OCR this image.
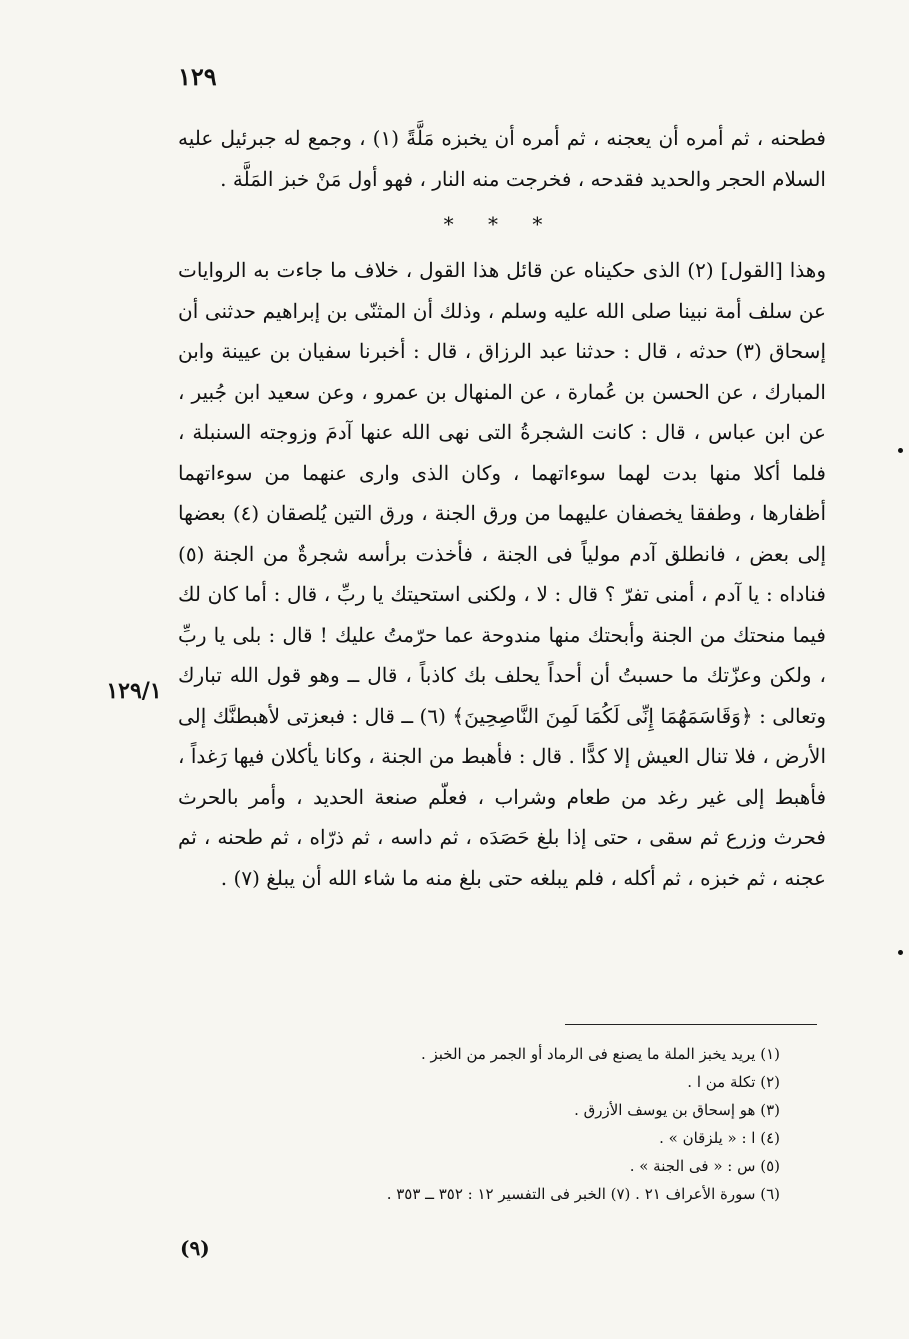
١٢٩

فطحنه ، ثم أمره أن يعجنه ، ثم أمره أن يخبزه مَلَّةً (١) ، وجمع له جبرئيل عليه السلام الحجر والحديد فقدحه ، فخرجت منه النار ، فهو أول مَنْ خبز المَلَّة .

* * *

وهذا [القول] (٢) الذى حكيناه عن قائل هذا القول ، خلاف ما جاءت به الروايات عن سلف أمة نبينا صلى الله عليه وسلم ، وذلك أن المثنّى بن إبراهيم حدثنى أن إسحاق (٣) حدثه ، قال : حدثنا عبد الرزاق ، قال : أخبرنا سفيان بن عيينة وابن المبارك ، عن الحسن بن عُمارة ، عن المنهال بن عمرو ، وعن سعيد ابن جُبير ، عن ابن عباس ، قال : كانت الشجرةُ التى نهى الله عنها آدمَ وزوجته السنبلة ، فلما أكلا منها بدت لهما سوءاتهما ، وكان الذى وارى عنهما من سوءاتهما أظفارها ، وطفقا يخصفان عليهما من ورق الجنة ، ورق التين يُلصقان (٤) بعضها إلى بعض ، فانطلق آدم مولياً فى الجنة ، فأخذت برأسه شجرةٌ من الجنة (٥) فناداه : يا آدم ، أمنى تفرّ ؟ قال : لا ، ولكنى استحيتك يا ربِّ ، قال : أما كان لك فيما منحتك من الجنة وأبحتك منها مندوحة عما حرّمتُ عليك ! قال : بلى يا ربِّ ، ولكن وعزّتك ما حسبتُ أن أحداً يحلف بك كاذباً ، قال ــ وهو قول الله تبارك وتعالى : ﴿وَقَاسَمَهُمَا إِنِّى لَكُمَا لَمِنَ النَّاصِحِينَ﴾ (٦) ــ قال : فبعزتى لأهبطنَّك إلى الأرض ، فلا تنال العيش إلا كدًّا . قال : فأهبط من الجنة ، وكانا يأكلان فيها رَغداً ، فأهبط إلى غير رغد من طعام وشراب ، فعلّم صنعة الحديد ، وأمر بالحرث فحرث وزرع ثم سقى ، حتى إذا بلغ حَصَدَه ، ثم داسه ، ثم ذرّاه ، ثم طحنه ، ثم عجنه ، ثم خبزه ، ثم أكله ، فلم يبلغه حتى بلغ منه ما شاء الله أن يبلغ (٧) .

١٢٩/١
(١) يريد يخبز الملة ما يصنع فى الرماد أو الجمر من الخبز .
(٢) تكلة من ا .
(٣) هو إسحاق بن يوسف الأزرق .
(٤) ا : « يلزقان » .
(٥) س : « فى الجنة » .
(٦) سورة الأعراف ٢١ . (٧) الخبر فى التفسير ١٢ : ٣٥٢ ــ ٣٥٣ .
(٩)
